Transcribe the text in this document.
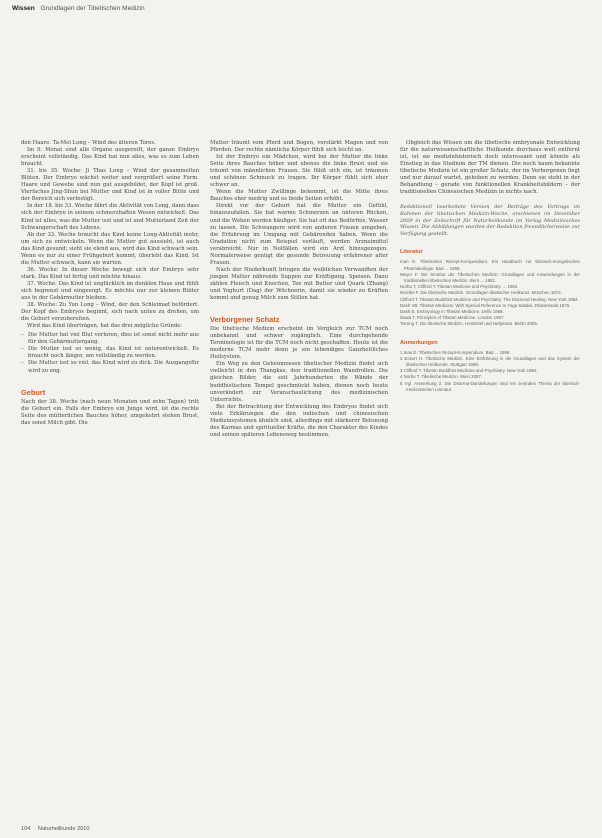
Wissen Grundlagen der Tibetischen Medizin

den Haare. Ta-Mei Long – Wind des älteren Tores.

Im 9. Monat sind alle Organe ausgereift, der ganze Embryo erscheint vollständig. Das Kind hat nun alles, was es zum Leben braucht.

31. bis 35. Woche: Ji Thas Long – Wind der gesammelten Blüten. Der Embryo wächst weiter und vergrößert seine Form. Haare und Gewebe sind nun gut ausgebildet, der Kopf ist groß. Vierfaches Jing-Shun bei Mutter und Kind ist in voller Blüte und der Bereich sich verfestigt.

In der 18. bis 33. Woche fährt die Aktivität von Long, dann dass sich der Embryo in seinem schmerzhaften Wesen entwickelt. Das Kind ist alles, was die Mutter isst und ist und Mutterland Zeit der Schwangerschaft des Lebens.

Ab der 33. Woche braucht das Kind keine Long-Aktivität mehr, um sich zu entwickeln. Wenn die Mutter gut aussieht, ist auch das Kind gesund; sieht sie elend aus, wird das Kind schwach sein. Wenn es nur zu einer Frühgeburt kommt, überlebt das Kind. Ist die Mutter schwach, kann sie warten.

36. Woche: In dieser Woche bewegt sich der Embryo sehr stark. Das Kind ist fertig und möchte hinaus.

37. Woche: Das Kind ist unglücklich im dunklen Haus und fühlt sich begrenzt und eingeengt. Es möchte nur zur kleinen Bilder aus in der Gebärmutter bleiben.

38. Woche: Zu Yun Long – Wind, der den Schleimad befördert. Der Kopf des Embryos beginnt, sich nach unten zu drehen, um die Geburt vorzubereiten.

Wird das Kind überträgen, hat das drei mögliche Gründe:

– Die Mutter hat viel Blut verloren, dies ist sonst nicht mehr aus für den Gebärmuttergang.
– Die Mutter isst so wenig, das Kind ist unterentwickelt. Es braucht noch länger, um vollständig zu werden.
– Die Mutter isst so viel, das Kind wird zu dick. Die Ausgangsfür wird zu eng.
Geburt

Nach der 38. Woche (nach neun Monaten und zehn Tagen) tritt die Geburt ein. Falls der Embryo ein Junge wird, ist die rechte Seite des mütterlichen Bauches höher, umgekehrt stehen Brust, das sonst Milch gibt. Die

Mutter träumt vom Pferd und Bogen, verstärkt Magen und von Pferden. Der rechte nämliche Körper fühlt sich leicht an.

Ist der Embryo ein Mädchen, wird bei der Mutter die linke Seite ihres Bauches höher und ebenso die linke Brust und sie träumt von männlichen Frauen. Sie fühlt sich ein, ist träumen und schönen Schmuck zu tragen. Ihr Körper fühlt sich eher schwer an.

Wenn die Mutter Zwillinge bekommt, ist die Mitte ihres Bauches eher niedrig und es beide Seiten erhöht.

Direkt vor der Geburt hat die Mutter ein Gefühl, hinauszufallen. Sie hat warme Schmerzen an unteren Rücken, und die Wehen werden häufiger. Sie hat oft das Bedürfnis, Wasser zu lassen. Die Schwangere wird von anderen Frauen umgeben, die Erfahrung im Umgang mit Gebärenden haben. Wenn die Gradation nicht zum Beispiel verläuft, werden Arzneimittel verabreicht. Nur in Notfällen wird ein Arzt hinzugezogen. Normalerweise genügt die gesunde Betreuung erfahrener alter Frauen.

Nach der Niederkunft bringen die weiblichen Verwandten der jungen Mutter nährende Suppen zur Kräftigung. Speisen. Dazu zählen Fleisch und Knochen, Tee mit Butter und Quark (Zhang) und Yoghurt (Dag) der Wöchnerin, damit sie wieder zu Kräften kommt und genug Milch zum Stillen hat.

Verborgener Schatz

Die tibetische Medizin erscheint im Vergleich zur TCM noch unbekannt und schwer zugänglich. Eine durchgehende Terminologie ist für die TCM noch nicht geschaffen. Heute ist die moderne TCM mehr denn je ein lebendiges Ganzheitliches Heilsystem.

Ein Weg zu den Geheimnissen tibetischer Medizin findet sich vielleicht in den Thangkas, den traditionellen Wandrollen. Die gleichen Bilder, die seit Jahrhunderten die Wände der buddhistischen Tempel geschmückt haben, dienen noch heute unverändert zur Veranschaulichung des medizinischen Unterrichts.

Bei der Betrachtung der Entwicklung des Embryos findet sich viele Erklärungen die den indischen und chinesischen Medizinsystemen ähnlich sind, allerdings mit stärkerer Betonung des Karmas und spiritueller Kräfte, die den Charakter des Kindes und seinen späteren Lebensweg bestimmen.

Obgleich das Wissen um die tibetische embryonale Entwicklung für die naturwissenschaftliche Heilkunde durchaus weit entfernt ist, ist sie medizinhistorisch doch interessant und könnte als Einstieg in das Studium der TM dienen. Die noch kaum bekannte tibetische Medizin ist ein großer Schatz, der im Verborgenen liegt und nur darauf wartet, gehoben zu werden. Denn sie steht in der Behandlung – gerade von funktionellen Krankheitsbildern – der traditionellen Chinesischen Medizin in nichts nach.

Redaktionell bearbeitete Version der Beiträge des Vortrags im Rahmen der tibetischen Medizin-Woche, erschienen im Dezember 2009 in der Zeitschrift für Naturheilkunde im Verlag Medizinisches Wissen. Die Abbildungen wurden der Redaktion freundlicherweise zur Verfügung gestellt.
Literatur
Inan E. Tibetisches Rezept-Kompendium. Ein Handbuch zur tibetisch-mongolischen Pharmakologie. Bad ... 1998.
Meyer F. Die Struktur der Tibetischen Medizin: Grundlagen und Anwendungen in der traditionellen tibetischen Medizin. Bern ... 1981.
Norbu T, Clifford T. Tibetan Medicine and Psychiatry. ... 1984.
Reichle F. Die tibetische Medizin. Grundlagen tibetischer Heilkunst. München 1973.
Clifford T. Tibetan Buddhist Medicine and Psychiatry. The Diamond Healing. New York 1984.
Dash VB. Tibetan Medicine: With Special Reference to Yoga Sataka. Dharamsala 1976.
Dash B. Embryology in Tibetan Medicine. Delhi 1988.
Dawa T. Principles of Tibetan Medicine. London 1997.
Tsering T. Die tibetische Medizin. Heilmittel und Heilpraxis. Berlin 2005.
Anmerkungen
1 Inan E. Tibetisches Rezept-Kompendium. Bad ... 1998.
2 Eckert H. Tibetische Medizin. Eine Einführung in die Grundlagen und das System der tibetischen Heilkunde. Stuttgart 1999.
3 Clifford T. Tibetan Buddhist Medicine and Psychiatry. New York 1984.
4 Norbu T. Tibetische Medizin. Wien 2007.
5 Vgl. Anmerkung 2. Die Dharma-Darstellungen sind ein zentrales Thema der tibetisch-medizinischen Literatur.
104 Naturheilkunde 2010
